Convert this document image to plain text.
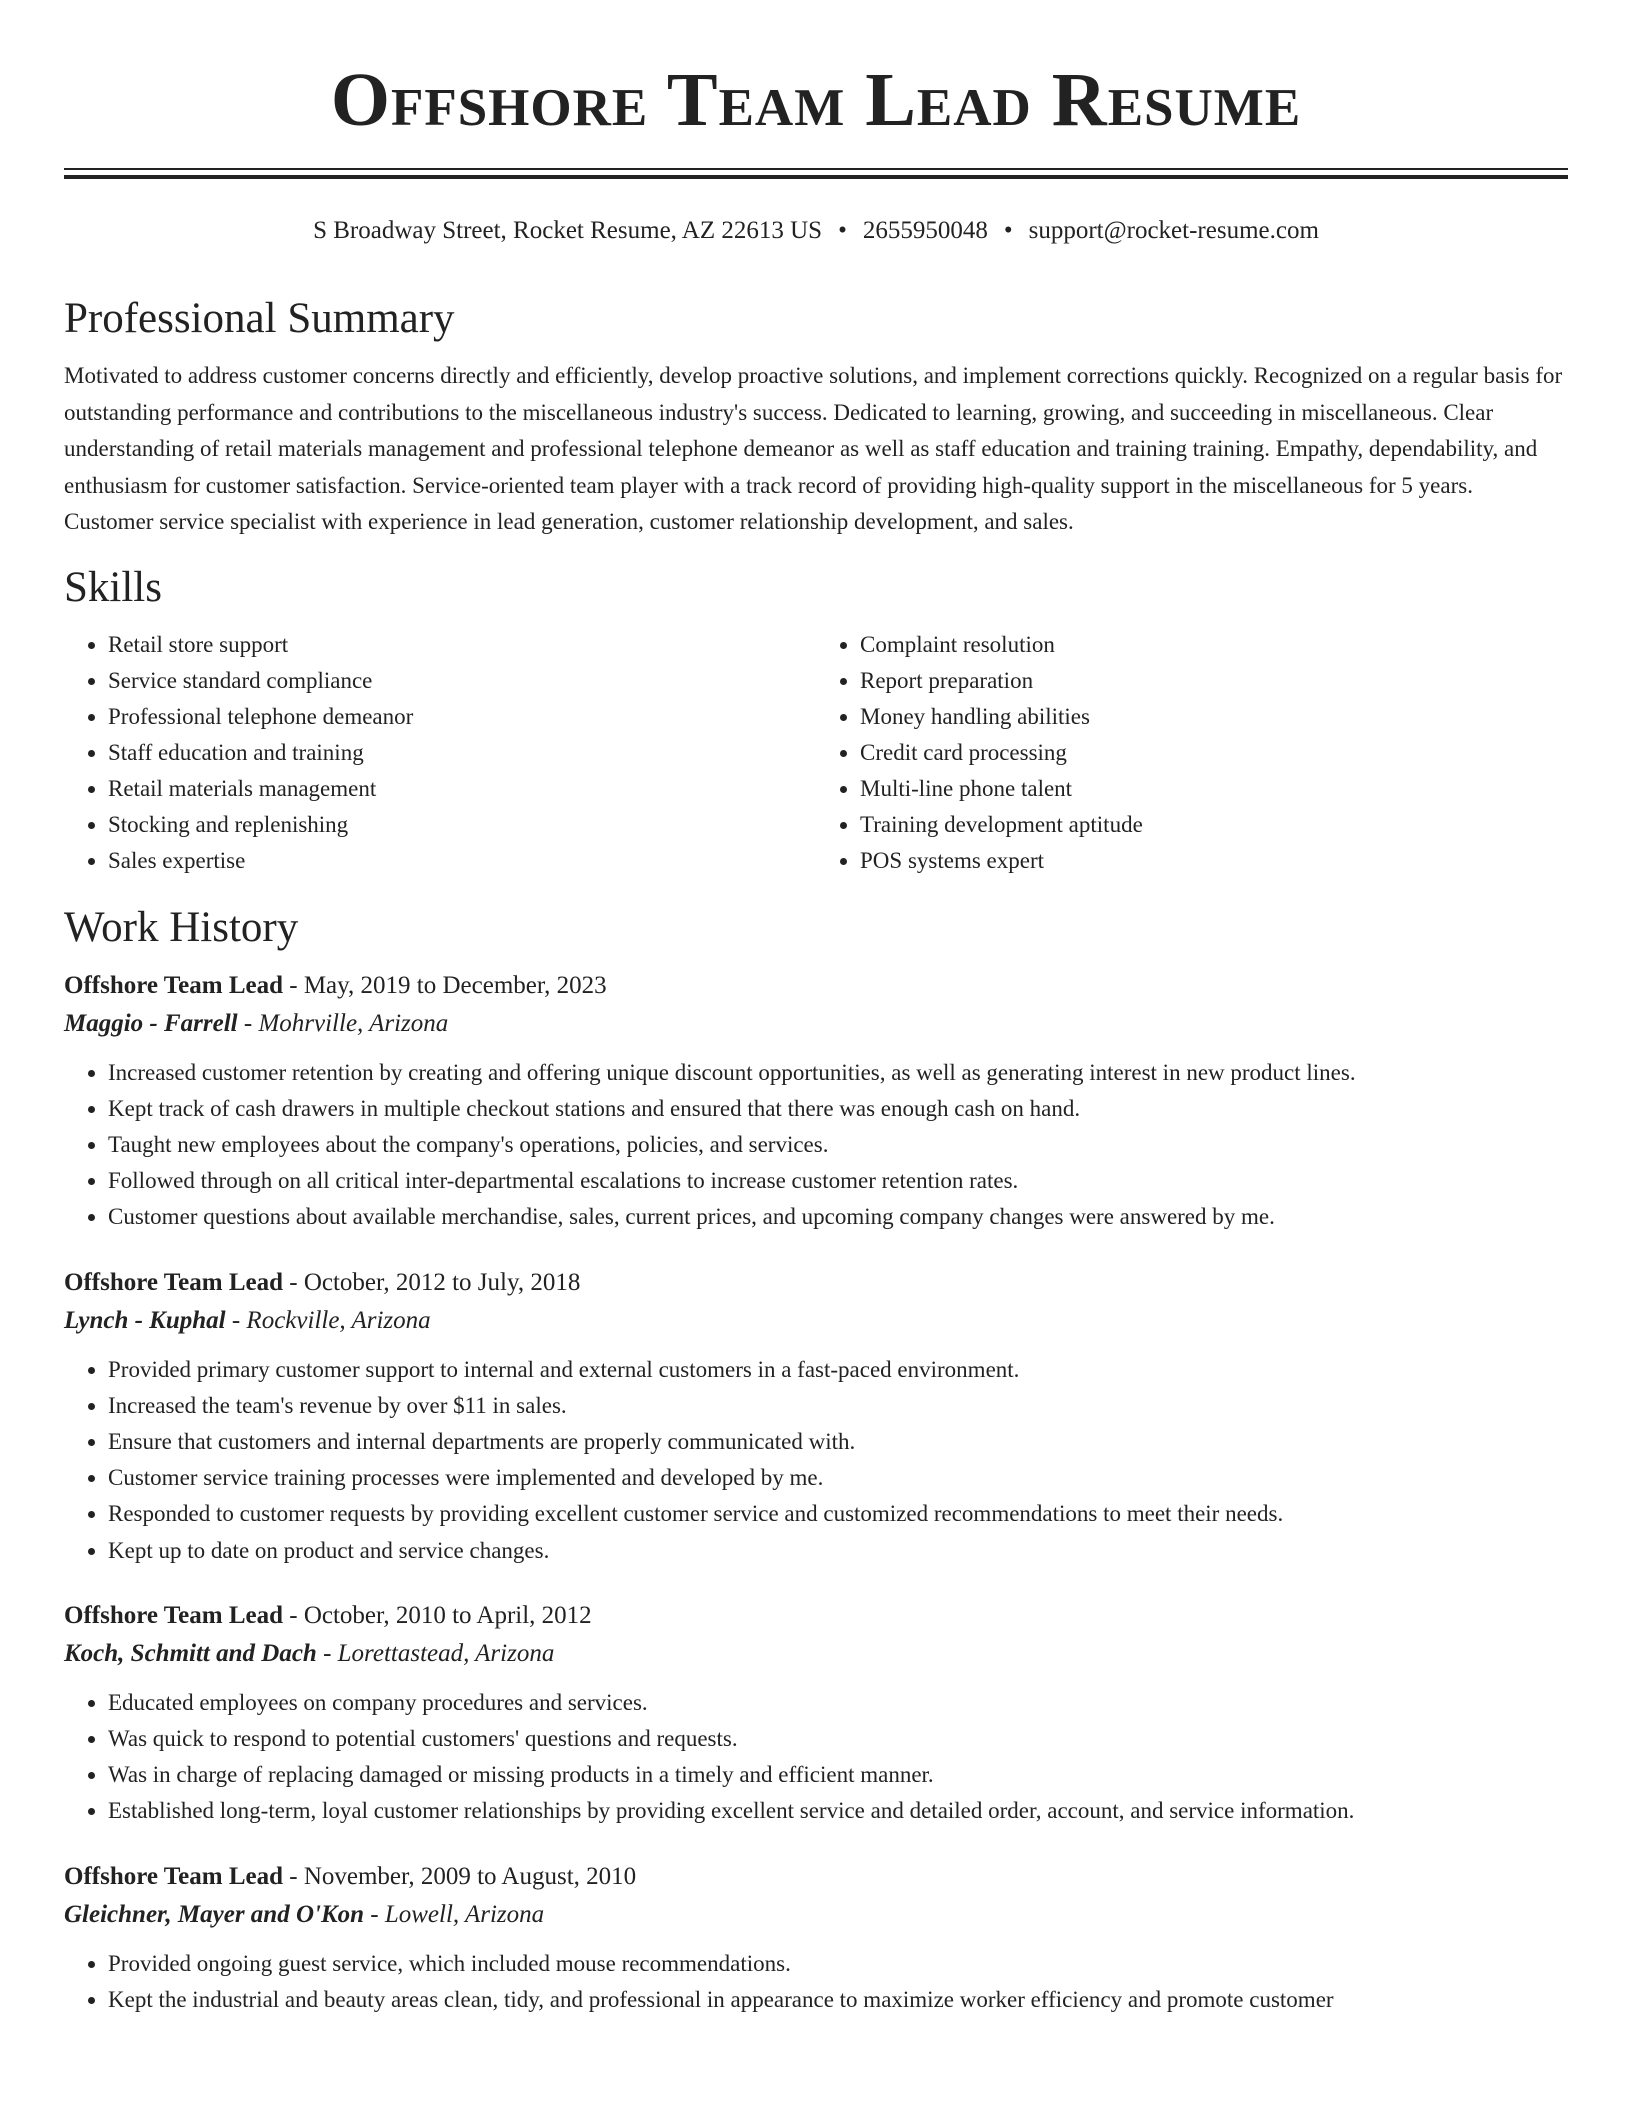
Offshore Team Lead Resume
S Broadway Street, Rocket Resume, AZ 22613 US • 2655950048 • support@rocket-resume.com
Professional Summary

Motivated to address customer concerns directly and efficiently, develop proactive solutions, and implement corrections quickly. Recognized on a regular basis for outstanding performance and contributions to the miscellaneous industry's success. Dedicated to learning, growing, and succeeding in miscellaneous. Clear understanding of retail materials management and professional telephone demeanor as well as staff education and training training. Empathy, dependability, and enthusiasm for customer satisfaction. Service-oriented team player with a track record of providing high-quality support in the miscellaneous for 5 years. Customer service specialist with experience in lead generation, customer relationship development, and sales.

Skills
• Retail store support
• Service standard compliance
• Professional telephone demeanor
• Staff education and training
• Retail materials management
• Stocking and replenishing
• Sales expertise
• Complaint resolution
• Report preparation
• Money handling abilities
• Credit card processing
• Multi-line phone talent
• Training development aptitude
• POS systems expert
Work History
Offshore Team Lead - May, 2019 to December, 2023
Maggio - Farrell - Mohrville, Arizona
• Increased customer retention by creating and offering unique discount opportunities, as well as generating interest in new product lines.
• Kept track of cash drawers in multiple checkout stations and ensured that there was enough cash on hand.
• Taught new employees about the company's operations, policies, and services.
• Followed through on all critical inter-departmental escalations to increase customer retention rates.
• Customer questions about available merchandise, sales, current prices, and upcoming company changes were answered by me.
Offshore Team Lead - October, 2012 to July, 2018
Lynch - Kuphal - Rockville, Arizona
• Provided primary customer support to internal and external customers in a fast-paced environment.
• Increased the team's revenue by over $11 in sales.
• Ensure that customers and internal departments are properly communicated with.
• Customer service training processes were implemented and developed by me.
• Responded to customer requests by providing excellent customer service and customized recommendations to meet their needs.
• Kept up to date on product and service changes.
Offshore Team Lead - October, 2010 to April, 2012
Koch, Schmitt and Dach - Lorettastead, Arizona
• Educated employees on company procedures and services.
• Was quick to respond to potential customers' questions and requests.
• Was in charge of replacing damaged or missing products in a timely and efficient manner.
• Established long-term, loyal customer relationships by providing excellent service and detailed order, account, and service information.
Offshore Team Lead - November, 2009 to August, 2010
Gleichner, Mayer and O'Kon - Lowell, Arizona
• Provided ongoing guest service, which included mouse recommendations.
• Kept the industrial and beauty areas clean, tidy, and professional in appearance to maximize worker efficiency and promote customer
